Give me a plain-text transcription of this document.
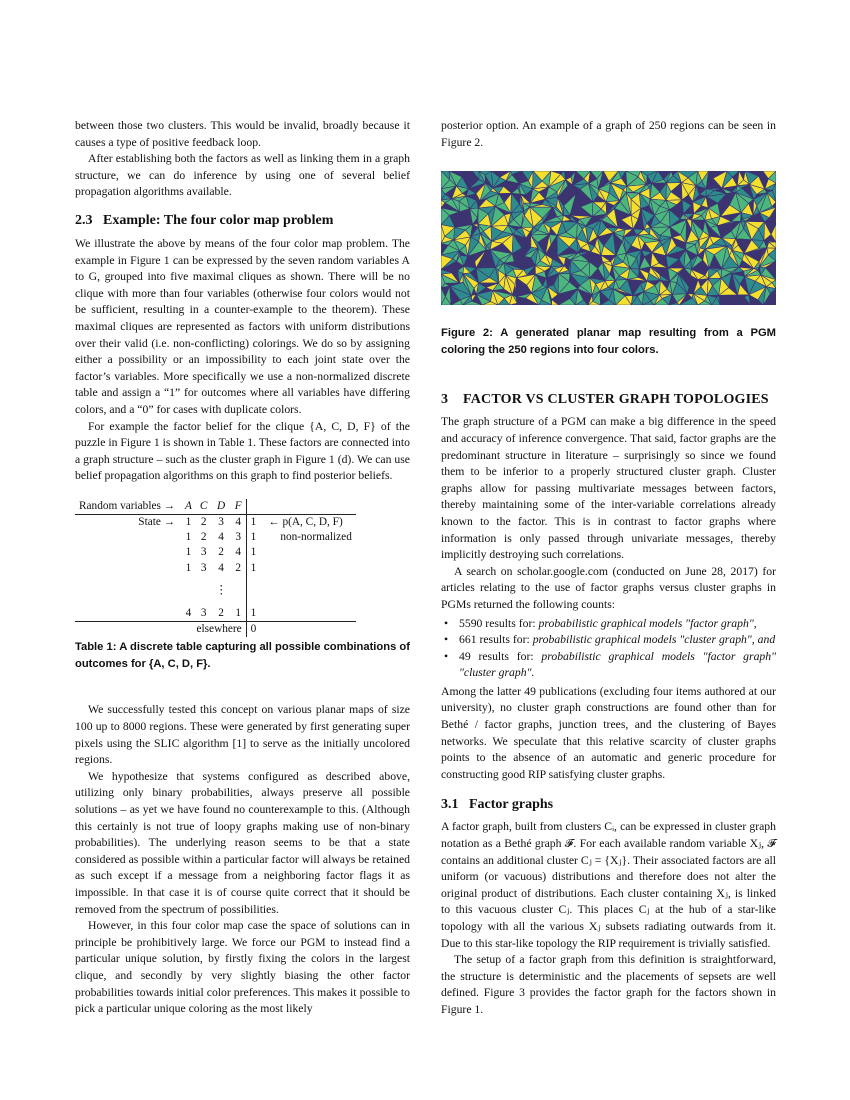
between those two clusters. This would be invalid, broadly because it causes a type of positive feedback loop.

After establishing both the factors as well as linking them in a graph structure, we can do inference by using one of several belief propagation algorithms available.

2.3 Example: The four color map problem

We illustrate the above by means of the four color map problem. The example in Figure 1 can be expressed by the seven random variables A to G, grouped into five maximal cliques as shown. There will be no clique with more than four variables (otherwise four colors would not be sufficient, resulting in a counter-example to the theorem). These maximal cliques are represented as factors with uniform distributions over their valid (i.e. non-conflicting) colorings. We do so by assigning either a possibility or an impossibility to each joint state over the factor’s variables. More specifically we use a non-normalized discrete table and assign a “1” for outcomes where all variables have differing colors, and a “0” for cases with duplicate colors.

For example the factor belief for the clique {A, C, D, F} of the puzzle in Figure 1 is shown in Table 1. These factors are connected into a graph structure – such as the cluster graph in Figure 1 (d). We can use belief propagation algorithms on this graph to find posterior beliefs.

Random variables →	A	C	D	F		
State →	1	2	3	4	1	← p(A, C, D, F)
	1	2	4	3	1	non-normalized
	1	3	2	4	1	
	1	3	4	2	1	
			⋮			
	4	3	2	1	1	
	elsewhere				0	

Table 1: A discrete table capturing all possible combinations of outcomes for {A, C, D, F}.

We successfully tested this concept on various planar maps of size 100 up to 8000 regions. These were generated by first generating super pixels using the SLIC algorithm [1] to serve as the initially uncolored regions.

We hypothesize that systems configured as described above, utilizing only binary probabilities, always preserve all possible solutions – as yet we have found no counterexample to this. (Although this certainly is not true of loopy graphs making use of non-binary probabilities). The underlying reason seems to be that a state considered as possible within a particular factor will always be retained as such except if a message from a neighboring factor flags it as impossible. In that case it is of course quite correct that it should be removed from the spectrum of possibilities.

However, in this four color map case the space of solutions can in principle be prohibitively large. We force our PGM to instead find a particular unique solution, by firstly fixing the colors in the largest clique, and secondly by very slightly biasing the other factor probabilities towards initial color preferences. This makes it possible to pick a particular unique coloring as the most likely

posterior option. An example of a graph of 250 regions can be seen in Figure 2.

Figure 2: A generated planar map resulting from a PGM coloring the 250 regions into four colors.

3 FACTOR VS CLUSTER GRAPH TOPOLOGIES

The graph structure of a PGM can make a big difference in the speed and accuracy of inference convergence. That said, factor graphs are the predominant structure in literature – surprisingly so since we found them to be inferior to a properly structured cluster graph. Cluster graphs allow for passing multivariate messages between factors, thereby maintaining some of the inter-variable correlations already known to the factor. This is in contrast to factor graphs where information is only passed through univariate messages, thereby implicitly destroying such correlations.

A search on scholar.google.com (conducted on June 28, 2017) for articles relating to the use of factor graphs versus cluster graphs in PGMs returned the following counts:

• 5590 results for: probabilistic graphical models "factor graph",
• 661 results for: probabilistic graphical models "cluster graph", and
• 49 results for: probabilistic graphical models "factor graph" "cluster graph".

Among the latter 49 publications (excluding four items authored at our university), no cluster graph constructions are found other than for Bethé / factor graphs, junction trees, and the clustering of Bayes networks. We speculate that this relative scarcity of cluster graphs points to the absence of an automatic and generic procedure for constructing good RIP satisfying cluster graphs.

3.1 Factor graphs

A factor graph, built from clusters Cᵢ, can be expressed in cluster graph notation as a Bethé graph 𝓕. For each available random variable Xⱼ, 𝓕 contains an additional cluster Cⱼ = {Xⱼ}. Their associated factors are all uniform (or vacuous) distributions and therefore does not alter the original product of distributions. Each cluster containing Xⱼ, is linked to this vacuous cluster Cⱼ. This places Cⱼ at the hub of a star-like topology with all the various Xⱼ subsets radiating outwards from it. Due to this star-like topology the RIP requirement is trivially satisfied.

The setup of a factor graph from this definition is straightforward, the structure is deterministic and the placements of sepsets are well defined. Figure 3 provides the factor graph for the factors shown in Figure 1.
